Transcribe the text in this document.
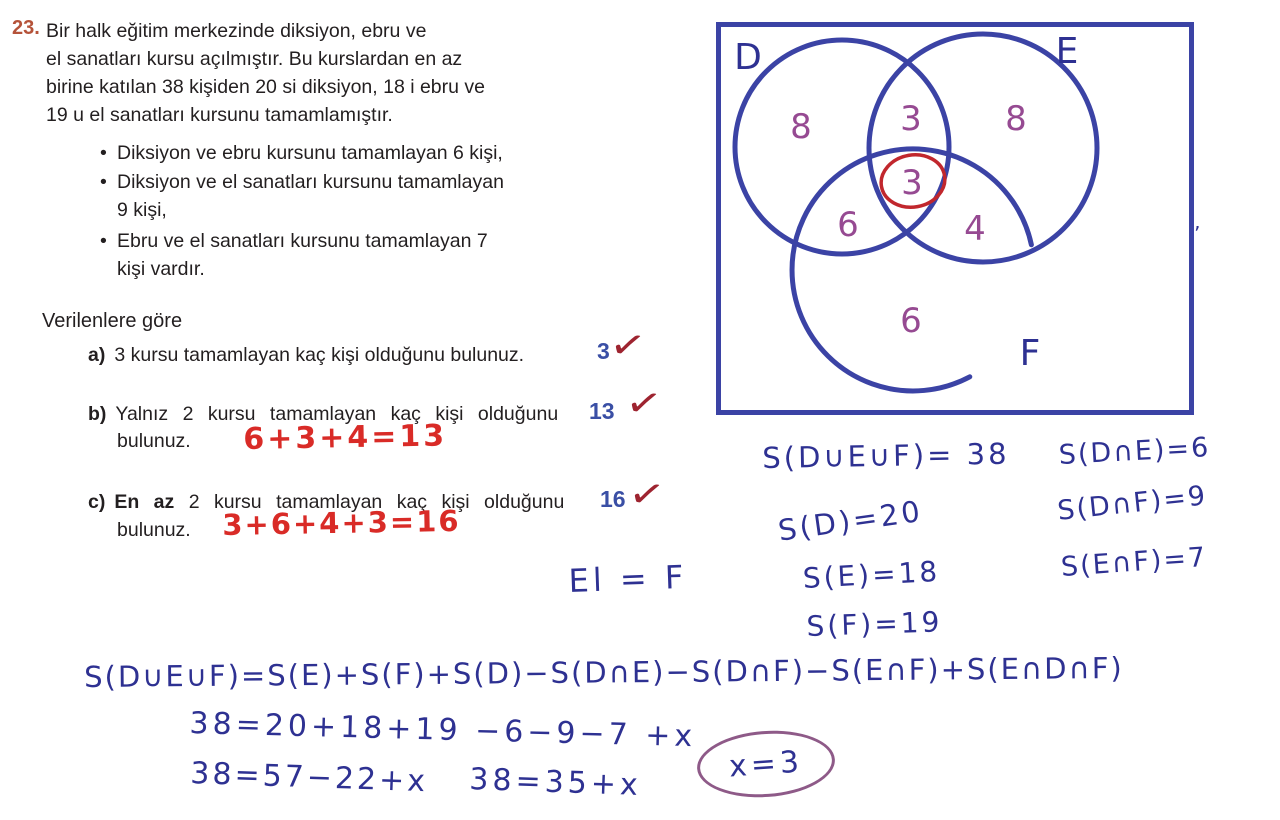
23. Bir halk eğitim merkezinde diksiyon, ebru ve
el sanatları kursu açılmıştır. Bu kurslardan en az
birine katılan 38 kişiden 20 si diksiyon, 18 i ebru ve
19 u el sanatları kursunu tamamlamıştır.
• Diksiyon ve ebru kursunu tamamlayan 6 kişi,
• Diksiyon ve el sanatları kursunu tamamlayan
9 kişi,
• Ebru ve el sanatları kursunu tamamlayan 7
kişi vardır.
Verilenlere göre
a) 3 kursu tamamlayan kaç kişi olduğunu bulunuz.	3
✓
b) Yalnız 2 kursu tamamlayan kaç kişi olduğunu
bulunuz.
13 ✓
6+3+4=13
c) En az 2 kursu tamamlayan kaç kişi olduğunu
bulunuz.
16 ✓
3+6+4+3=16
D	E
F
8	3 8
3
6	4
6
’
El = F
S(D∪E∪F)= 38
S(D)=20
S(E)=18
S(F)=19
S(D∩E)=6
S(D∩F)=9
S(E∩F)=7
S(D∪E∪F)=S(E)+S(F)+S(D)−S(D∩E)−S(D∩F)−S(E∩F)+S(E∩D∩F)
38=20+18+19 −6−9−7 +x
38=57−22+x 38=35+x	x=3
